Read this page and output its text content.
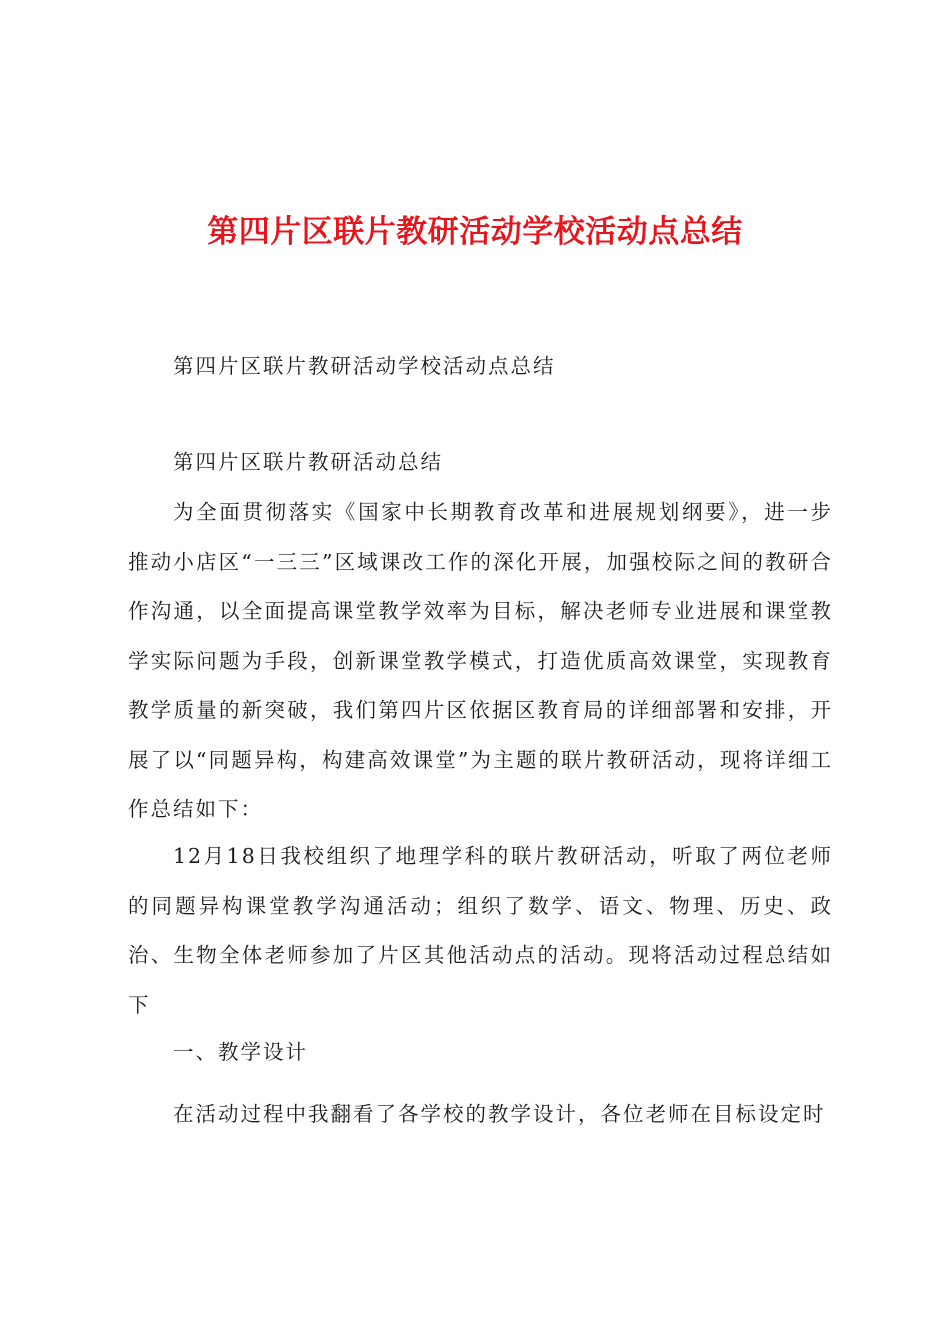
第四片区联片教研活动学校活动点总结
第四片区联片教研活动学校活动点总结
第四片区联片教研活动总结
为全面贯彻落实《国家中长期教育改革和进展规划纲要》，进一步推动小店区“一三三”区域课改工作的深化开展，加强校际之间的教研合作沟通，以全面提高课堂教学效率为目标，解决老师专业进展和课堂教学实际问题为手段，创新课堂教学模式，打造优质高效课堂，实现教育教学质量的新突破，我们第四片区依据区教育局的详细部署和安排，开展了以“同题异构，构建高效课堂”为主题的联片教研活动，现将详细工作总结如下：
12月18日我校组织了地理学科的联片教研活动，听取了两位老师的同题异构课堂教学沟通活动；组织了数学、语文、物理、历史、政治、生物全体老师参加了片区其他活动点的活动。现将活动过程总结如下
一、教学设计
在活动过程中我翻看了各学校的教学设计，各位老师在目标设定时
